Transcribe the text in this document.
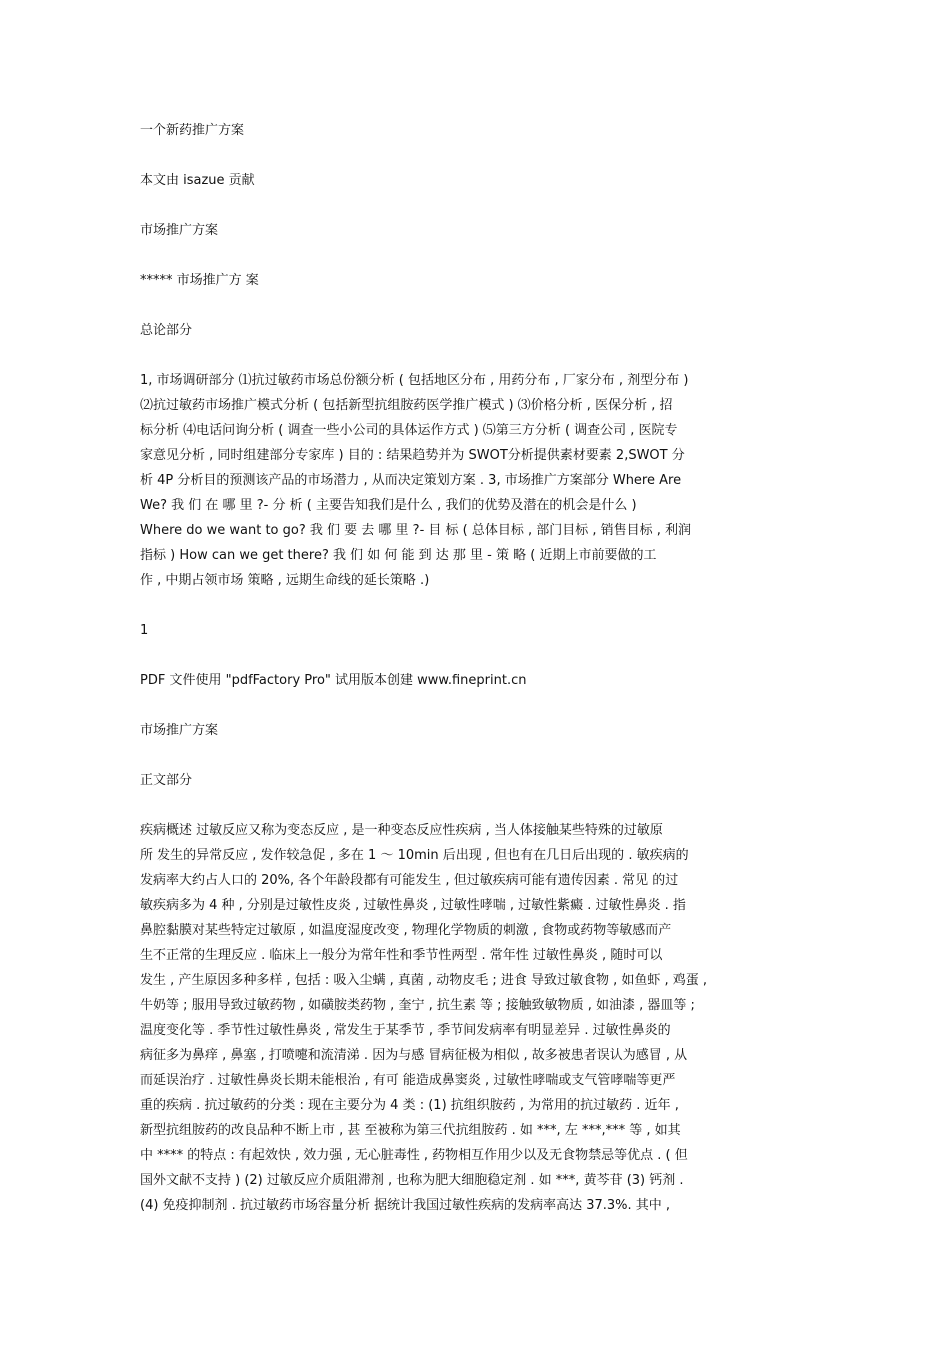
一个新药推广方案
本文由 isazue 贡献
市场推广方案
***** 市场推广方 案
总论部分
1, 市场调研部分 ⑴抗过敏药市场总份额分析 ( 包括地区分布 , 用药分布 , 厂家分布 , 剂型分布 )
⑵抗过敏药市场推广模式分析 ( 包括新型抗组胺药医学推广模式 ) ⑶价格分析 , 医保分析 , 招
标分析 ⑷电话问询分析 ( 调查一些小公司的具体运作方式 ) ⑸第三方分析 ( 调查公司 , 医院专
家意见分析 , 同时组建部分专家库 ) 目的 : 结果趋势并为 SWOT分析提供素材要素 2,SWOT 分
析 4P 分析目的预测该产品的市场潜力 , 从而决定策划方案 . 3, 市场推广方案部分 Where Are
We? 我 们 在 哪 里 ?- 分 析 ( 主要告知我们是什么 , 我们的优势及潜在的机会是什么 )
Where do we want to go? 我 们 要 去 哪 里 ?- 目 标 ( 总体目标 , 部门目标 , 销售目标 , 利润
指标 ) How can we get there? 我 们 如 何 能 到 达 那 里 - 策 略 ( 近期上市前要做的工
作 , 中期占领市场 策略 , 远期生命线的延长策略 .)
1
PDF 文件使用 "pdfFactory Pro" 试用版本创建 www.fineprint.cn
市场推广方案
正文部分
疾病概述 过敏反应又称为变态反应 , 是一种变态反应性疾病 , 当人体接触某些特殊的过敏原
所 发生的异常反应 , 发作较急促 , 多在 1 ～ 10min 后出现 , 但也有在几日后出现的 . 敏疾病的
发病率大约占人口的 20%, 各个年龄段都有可能发生 , 但过敏疾病可能有遗传因素 . 常见 的过
敏疾病多为 4 种 , 分别是过敏性皮炎 , 过敏性鼻炎 , 过敏性哮喘 , 过敏性紫癜 . 过敏性鼻炎 . 指
鼻腔黏膜对某些特定过敏原 , 如温度湿度改变 , 物理化学物质的刺激 , 食物或药物等敏感而产
生不正常的生理反应 . 临床上一般分为常年性和季节性两型 . 常年性 过敏性鼻炎 , 随时可以
发生 , 产生原因多种多样 , 包括 : 吸入尘螨 , 真菌 , 动物皮毛 ; 进食 导致过敏食物 , 如鱼虾 , 鸡蛋 ,
牛奶等 ; 服用导致过敏药物 , 如磺胺类药物 , 奎宁 , 抗生素 等 ; 接触致敏物质 , 如油漆 , 器皿等 ;
温度变化等 . 季节性过敏性鼻炎 , 常发生于某季节 , 季节间发病率有明显差异 . 过敏性鼻炎的
病征多为鼻痒 , 鼻塞 , 打喷嚏和流清涕 . 因为与感 冒病征极为相似 , 故多被患者误认为感冒 , 从
而延误治疗 . 过敏性鼻炎长期未能根治 , 有可 能造成鼻窦炎 , 过敏性哮喘或支气管哮喘等更严
重的疾病 . 抗过敏药的分类 : 现在主要分为 4 类 : (1) 抗组织胺药 , 为常用的抗过敏药 . 近年 ,
新型抗组胺药的改良品种不断上市 , 甚 至被称为第三代抗组胺药 . 如 ***, 左 ***,*** 等 , 如其
中 **** 的特点 : 有起效快 , 效力强 , 无心脏毒性 , 药物相互作用少以及无食物禁忌等优点 . ( 但
国外文献不支持 ) (2) 过敏反应介质阻滞剂 , 也称为肥大细胞稳定剂 . 如 ***, 黄芩苷 (3) 钙剂 .
(4) 免疫抑制剂 . 抗过敏药市场容量分析 据统计我国过敏性疾病的发病率高达 37.3%. 其中 ,
